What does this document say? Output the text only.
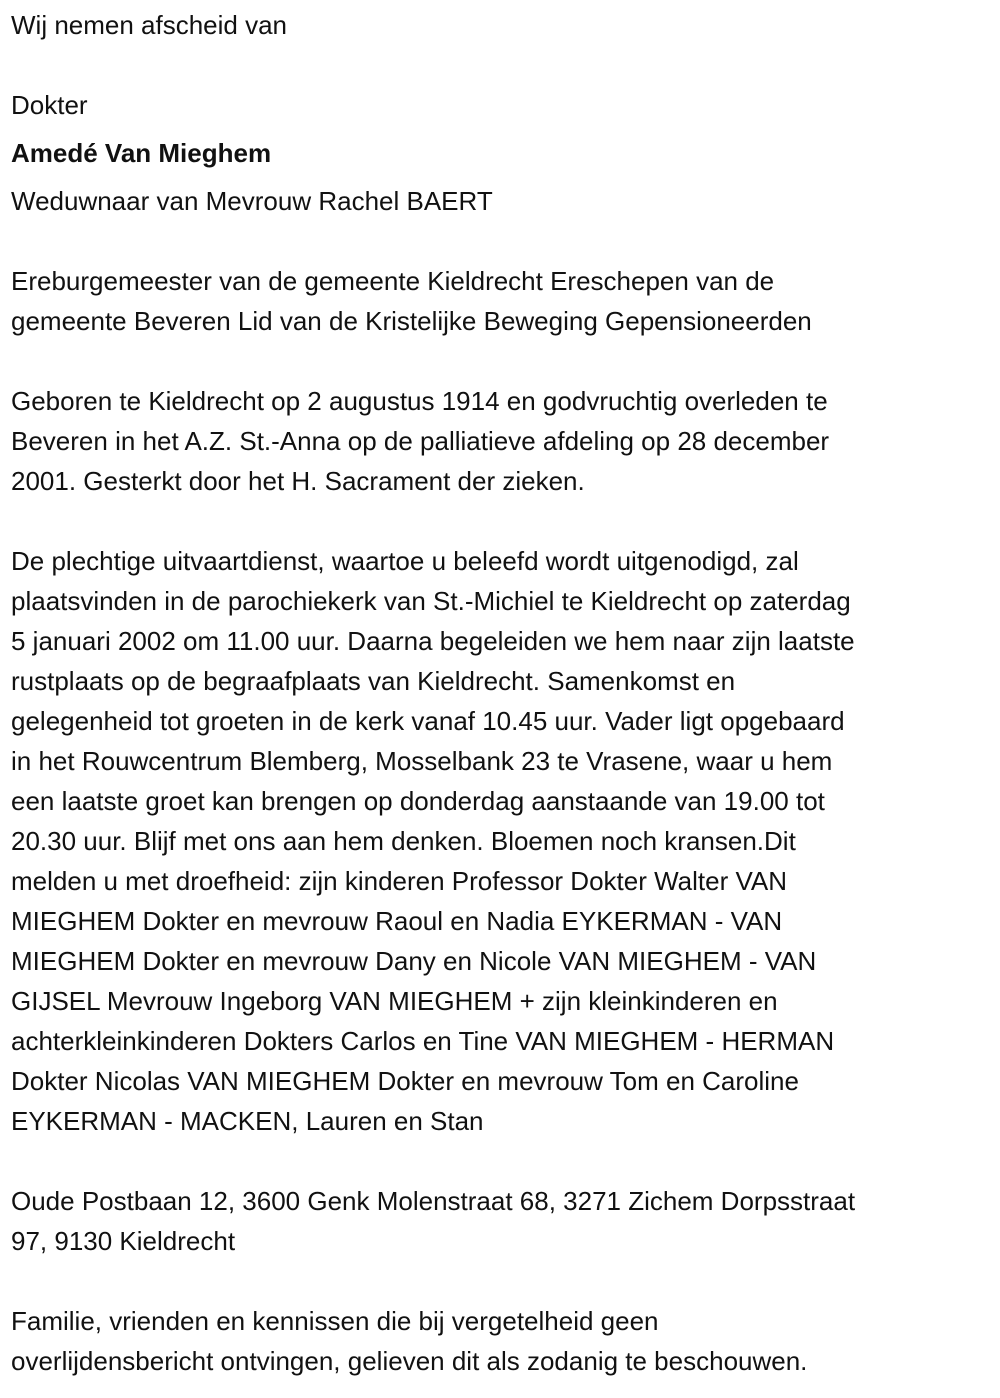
Wij nemen afscheid van
Dokter
Amedé Van Mieghem
Weduwnaar van Mevrouw Rachel BAERT
Ereburgemeester van de gemeente Kieldrecht Ereschepen van de
gemeente Beveren Lid van de Kristelijke Beweging Gepensioneerden
Geboren te Kieldrecht op 2 augustus 1914 en godvruchtig overleden te
Beveren in het A.Z. St.-Anna op de palliatieve afdeling op 28 december
2001. Gesterkt door het H. Sacrament der zieken.
De plechtige uitvaartdienst, waartoe u beleefd wordt uitgenodigd, zal
plaatsvinden in de parochiekerk van St.-Michiel te Kieldrecht op zaterdag
5 januari 2002 om 11.00 uur. Daarna begeleiden we hem naar zijn laatste
rustplaats op de begraafplaats van Kieldrecht. Samenkomst en
gelegenheid tot groeten in de kerk vanaf 10.45 uur. Vader ligt opgebaard
in het Rouwcentrum Blemberg, Mosselbank 23 te Vrasene, waar u hem
een laatste groet kan brengen op donderdag aanstaande van 19.00 tot
20.30 uur. Blijf met ons aan hem denken. Bloemen noch kransen.Dit
melden u met droefheid: zijn kinderen Professor Dokter Walter VAN
MIEGHEM Dokter en mevrouw Raoul en Nadia EYKERMAN - VAN
MIEGHEM Dokter en mevrouw Dany en Nicole VAN MIEGHEM - VAN
GIJSEL Mevrouw Ingeborg VAN MIEGHEM + zijn kleinkinderen en
achterkleinkinderen Dokters Carlos en Tine VAN MIEGHEM - HERMAN
Dokter Nicolas VAN MIEGHEM Dokter en mevrouw Tom en Caroline
EYKERMAN - MACKEN, Lauren en Stan
Oude Postbaan 12, 3600 Genk Molenstraat 68, 3271 Zichem Dorpsstraat
97, 9130 Kieldrecht
Familie, vrienden en kennissen die bij vergetelheid geen
overlijdensbericht ontvingen, gelieven dit als zodanig te beschouwen.
